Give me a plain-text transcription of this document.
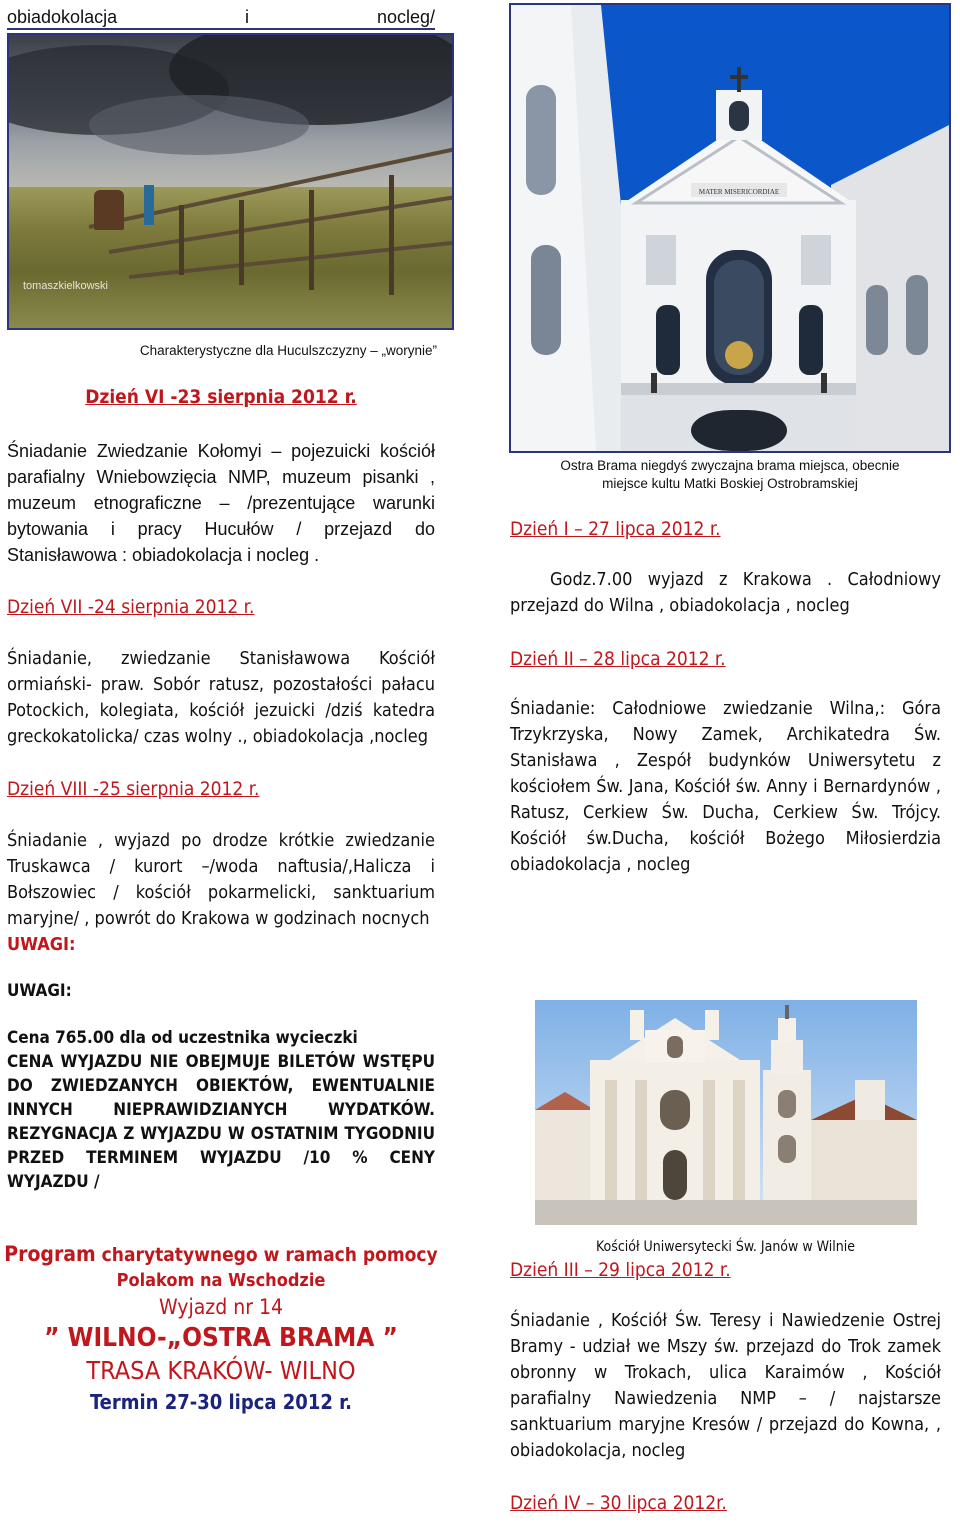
obiadokolacja	i	nocleg/
tomaszkielkowski
Charakterystyczne dla Huculszczyzny – „worynie”
MATER MISERICORDIAE
Ostra Brama niegdyś zwyczajna brama miejsca, obecnie
miejsce kultu Matki Boskiej Ostrobramskiej
Dzień VI -23 sierpnia 2012 r.
Śniadanie Zwiedzanie Kołomyi – pojezuicki kościół parafialny Wniebowzięcia NMP, muzeum pisanki , muzeum etnograficzne – /prezentujące warunki bytowania i pracy Hucułów / przejazd do Stanisławowa : obiadokolacja i nocleg .
Dzień VII -24 sierpnia 2012 r.
Śniadanie, zwiedzanie Stanisławowa Kościół ormiański- praw. Sobór ratusz, pozostałości pałacu Potockich, kolegiata, kościół jezuicki /dziś katedra greckokatolicka/ czas wolny ., obiadokolacja ,nocleg
Dzień VIII -25 sierpnia 2012 r.
Śniadanie , wyjazd po drodze krótkie zwiedzanie Truskawca / kurort –/woda naftusia/,Halicza i Bołszowiec / kościół pokarmelicki, sanktuarium maryjne/ , powrót do Krakowa w godzinach nocnych
UWAGI:
UWAGI:
Cena 765.00 dla od uczestnika wycieczki
CENA WYJAZDU NIE OBEJMUJE BILETÓW WSTĘPU DO ZWIEDZANYCH OBIEKTÓW, EWENTUALNIE INNYCH NIEPRAWIDZIANYCH WYDATKÓW. REZYGNACJA Z WYJAZDU W OSTATNIM TYGODNIU PRZED TERMINEM WYJAZDU /10 % CENY WYJAZDU /
Program charytatywnego w ramach pomocy
Polakom na Wschodzie
Wyjazd nr 14
” WILNO-„OSTRA BRAMA ”
TRASA KRAKÓW- WILNO
Termin 27-30 lipca 2012 r.
Dzień I – 27 lipca 2012 r.
Godz.7.00 wyjazd z Krakowa . Całodniowy przejazd do Wilna , obiadokolacja , nocleg
Dzień II – 28 lipca 2012 r.
Śniadanie: Całodniowe zwiedzanie Wilna,: Góra Trzykrzyska, Nowy Zamek, Archikatedra Św. Stanisława , Zespół budynków Uniwersytetu z kościołem Św. Jana, Kościół św. Anny i Bernardynów , Ratusz, Cerkiew Św. Ducha, Cerkiew Św. Trójcy. Kościół św.Ducha, kościół Bożego Miłosierdzia obiadokolacja , nocleg
Kościół Uniwersytecki Św. Janów w Wilnie
Dzień III – 29 lipca 2012 r.
Śniadanie , Kościół Św. Teresy i Nawiedzenie Ostrej Bramy - udział we Mszy św. przejazd do Trok zamek obronny w Trokach, ulica Karaimów , Kościół parafialny Nawiedzenia NMP – / najstarsze sanktuarium maryjne Kresów / przejazd do Kowna, , obiadokolacja, nocleg
Dzień IV – 30 lipca 2012r.
